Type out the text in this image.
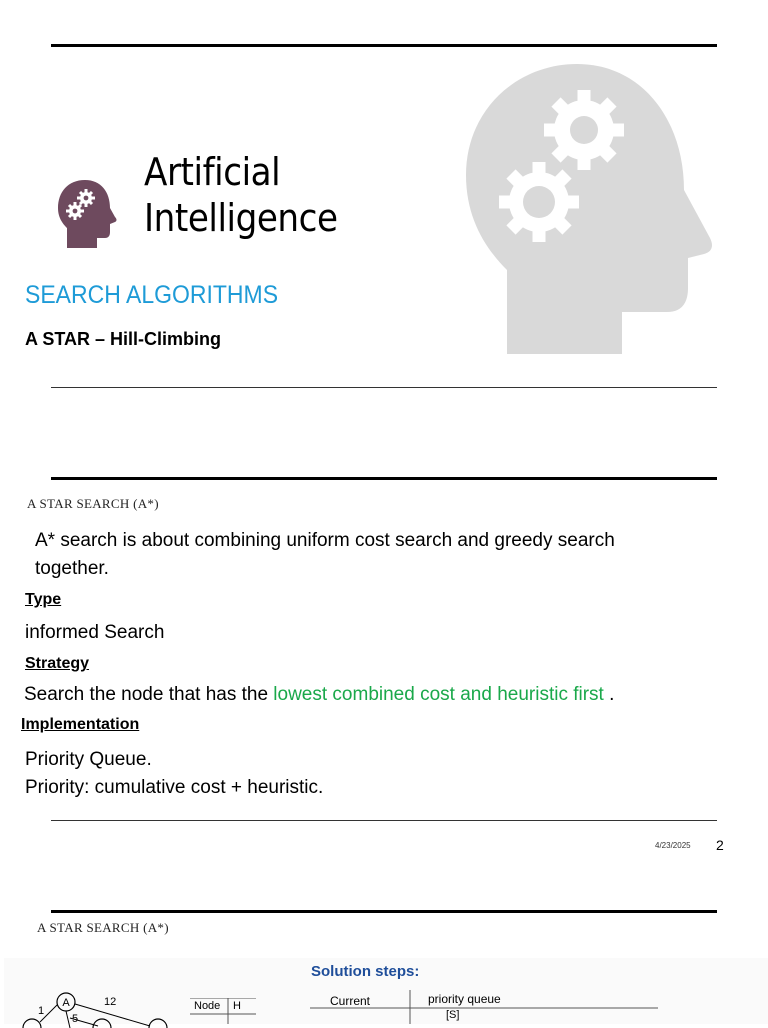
Artificial
Intelligence
SEARCH ALGORITHMS
A STAR – Hill-Climbing
A STAR SEARCH (A*)
A* search is about combining uniform cost search and greedy search together.
Type
informed Search
Strategy
Search the node that has the lowest combined cost and heuristic first .
Implementation
Priority Queue.
Priority: cumulative cost + heuristic.
4/23/2025 2
A STAR SEARCH (A*)
Solution steps:
A
1
12
5
Node H	Current	priority queue
[S]
